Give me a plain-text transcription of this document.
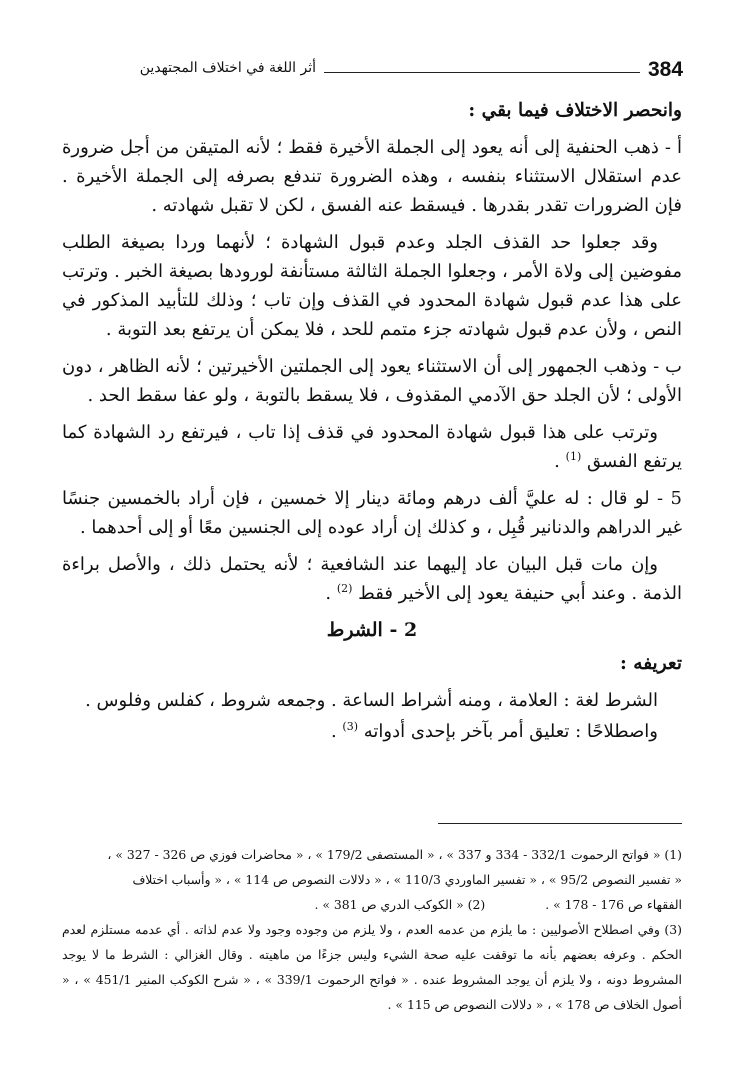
384
أثر اللغة في اختلاف المجتهدين

وانحصر الاختلاف فيما بقي :

أ - ذهب الحنفية إلى أنه يعود إلى الجملة الأخيرة فقط ؛ لأنه المتيقن من أجل ضرورة عدم استقلال الاستثناء بنفسه ، وهذه الضرورة تندفع بصرفه إلى الجملة الأخيرة . فإن الضرورات تقدر بقدرها . فيسقط عنه الفسق ، لكن لا تقبل شهادته .

وقد جعلوا حد القذف الجلد وعدم قبول الشهادة ؛ لأنهما وردا بصيغة الطلب مفوضين إلى ولاة الأمر ، وجعلوا الجملة الثالثة مستأنفة لورودها بصيغة الخبر . وترتب على هذا عدم قبول شهادة المحدود في القذف وإن تاب ؛ وذلك للتأبيد المذكور في النص ، ولأن عدم قبول شهادته جزء متمم للحد ، فلا يمكن أن يرتفع بعد التوبة .

ب - وذهب الجمهور إلى أن الاستثناء يعود إلى الجملتين الأخيرتين ؛ لأنه الظاهر ، دون الأولى ؛ لأن الجلد حق الآدمي المقذوف ، فلا يسقط بالتوبة ، ولو عفا سقط الحد .

وترتب على هذا قبول شهادة المحدود في قذف إذا تاب ، فيرتفع رد الشهادة كما يرتفع الفسق $^{(1)}$ .

5 - لو قال : له عليَّ ألف درهم ومائة دينار إلا خمسين ، فإن أراد بالخمسين جنسًا غير الدراهم والدنانير قُبِل ، و كذلك إن أراد عوده إلى الجنسين معًا أو إلى أحدهما .

وإن مات قبل البيان عاد إليهما عند الشافعية ؛ لأنه يحتمل ذلك ، والأصل براءة الذمة . وعند أبي حنيفة يعود إلى الأخير فقط $^{(2)}$ .

2 - الشرط

تعريفه :

الشرط لغة : العلامة ، ومنه أشراط الساعة . وجمعه شروط ، كفلس وفلوس .

واصطلاحًا : تعليق أمر بآخر بإحدى أدواته $^{(3)}$ .

(1) « فواتح الرحموت 332/1 - 334 و 337 » ، « المستصفى 179/2 » ، « محاضرات فوزي ص 326 - 327 » ،

« تفسير النصوص 95/2 » ، « تفسير الماوردي 110/3 » ، « دلالات النصوص ص 114 » ، « وأسباب اختلاف

الفقهاء ص 176 - 178 » .
(2) « الكوكب الدري ص 381 » .

(3) وفي اصطلاح الأصوليين : ما يلزم من عدمه العدم ، ولا يلزم من وجوده وجود ولا عدم لذاته . أي عدمه مستلزم لعدم الحكم . وعرفه بعضهم بأنه ما توقفت عليه صحة الشيء وليس جزءًا من ماهيته . وقال الغزالي : الشرط ما لا يوجد المشروط دونه ، ولا يلزم أن يوجد المشروط عنده . « فواتح الرحموت 339/1 » ، « شرح الكوكب المنير 451/1 » ، « أصول الخلاف ص 178 » ، « دلالات النصوص ص 115 » .
